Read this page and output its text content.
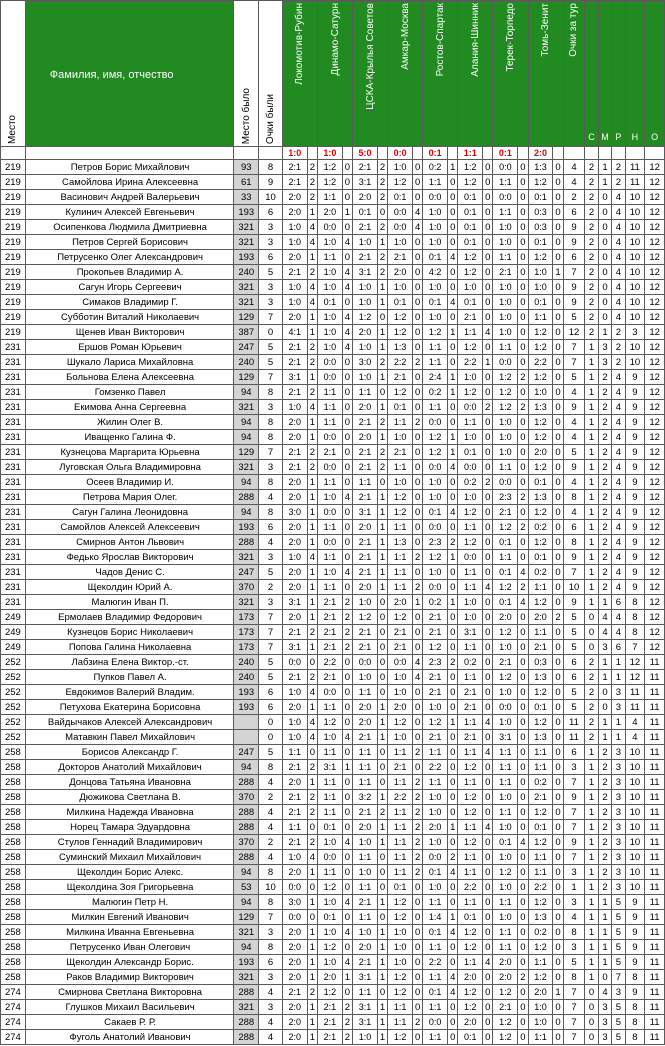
Место	Фамилия, имя, отчество	Место было	Очки были	Локомотив-Рубин		Динамо-Сатурн		ЦСКА-Крылья Советов		Амкар-Москва		Ростов-Спартак		Алания-Шинник		Терек-Торпедо		Томь-Зенит		Очки за тур	С	М	Р	Н	О

				1:0		1:0		5:0		0:0		0:1		1:1		0:1		2:0							
219	Петров Борис Михайлович	93	8	2:1	2	1:2	0	2:1	2	1:0	0	0:2	1	1:2	0	0:0	0	1:3	0	4	2	1	2	11	12
219	Самойлова Ирина Алексеевна	61	9	2:1	2	1:2	0	3:1	2	1:2	0	1:1	0	1:2	0	1:1	0	1:2	0	4	2	1	2	11	12
219	Васинович Андрей Валерьевич	33	10	2:0	2	1:1	0	2:0	2	0:1	0	0:0	0	0:1	0	0:0	0	0:1	0	2	2	0	4	10	12
219	Кулинич Алексей Евгеньевич	193	6	2:0	1	2:0	1	0:1	0	0:0	4	1:0	0	0:1	0	1:1	0	0:3	0	6	2	0	4	10	12
219	Осипенкова Людмила Дмитриевна	321	3	1:0	4	0:0	0	2:1	2	0:0	4	1:0	0	0:1	0	1:0	0	0:3	0	9	2	0	4	10	12
219	Петров Сергей Борисович	321	3	1:0	4	1:0	4	1:0	1	1:0	0	1:0	0	0:1	0	1:0	0	0:1	0	9	2	0	4	10	12
219	Петрусенко Олег Александрович	193	6	2:0	1	1:1	0	2:1	2	2:1	0	0:1	4	1:2	0	1:1	0	1:2	0	6	2	0	4	10	12
219	Прокопьев Владимир А.	240	5	2:1	2	1:0	4	3:1	2	2:0	0	4:2	0	1:2	0	2:1	0	1:0	1	7	2	0	4	10	12
219	Сагун Игорь Сергеевич	321	3	1:0	4	1:0	4	1:0	1	1:0	0	1:0	0	1:0	0	1:0	0	1:0	0	9	2	0	4	10	12
219	Симаков Владимир Г.	321	3	1:0	4	0:1	0	1:0	1	0:1	0	0:1	4	0:1	0	1:0	0	0:1	0	9	2	0	4	10	12
219	Субботин Виталий Николаевич	129	7	2:0	1	1:0	4	1:2	0	1:2	0	1:0	0	2:1	0	1:0	0	1:1	0	5	2	0	4	10	12
219	Щенев Иван Викторович	387	0	4:1	1	1:0	4	2:0	1	1:2	0	1:2	1	1:1	4	1:0	0	1:2	0	12	2	1	2	3	12
231	Ершов Роман Юрьевич	247	5	2:1	2	1:0	4	1:0	1	1:3	0	1:1	0	1:2	0	1:1	0	1:2	0	7	1	3	2	10	12
231	Шукало Лариса Михайловна	240	5	2:1	2	0:0	0	3:0	2	2:2	2	1:1	0	2:2	1	0:0	0	2:2	0	7	1	3	2	10	12
231	Больнова Елена Алексеевна	129	7	3:1	1	0:0	0	1:0	1	2:1	0	2:4	1	1:0	0	1:2	2	1:2	0	5	1	2	4	9	12
231	Гомзенко Павел	94	8	2:1	2	1:1	0	1:1	0	1:2	0	0:2	1	1:2	0	1:2	0	1:0	0	4	1	2	4	9	12
231	Екимова Анна Сергеевна	321	3	1:0	4	1:1	0	2:0	1	0:1	0	1:1	0	0:0	2	1:2	2	1:3	0	9	1	2	4	9	12
231	Жилин Олег В.	94	8	2:0	1	1:1	0	2:1	2	1:1	2	0:0	0	1:1	0	1:0	0	1:2	0	4	1	2	4	9	12
231	Иващенко Галина Ф.	94	8	2:0	1	0:0	0	2:0	1	1:0	0	1:2	1	1:0	0	1:0	0	1:2	0	4	1	2	4	9	12
231	Кузнецова Маргарита Юрьевна	129	7	2:1	2	2:1	0	2:1	2	2:1	0	1:2	1	0:1	0	1:0	0	2:0	0	5	1	2	4	9	12
231	Луговская Ольга Владимировна	321	3	2:1	2	0:0	0	2:1	2	1:1	0	0:0	4	0:0	0	1:1	0	1:2	0	9	1	2	4	9	12
231	Осеев Владимир И.	94	8	2:0	1	1:1	0	1:1	0	1:0	0	1:0	0	0:2	2	0:0	0	0:1	0	4	1	2	4	9	12
231	Петрова Мария Олег.	288	4	2:0	1	1:0	4	2:1	1	1:2	0	1:0	0	1:0	0	2:3	2	1:3	0	8	1	2	4	9	12
231	Сагун Галина Леонидовна	94	8	3:0	1	0:0	0	3:1	1	1:2	0	0:1	4	1:2	0	2:1	0	1:2	0	4	1	2	4	9	12
231	Самойлов Алексей Алексеевич	193	6	2:0	1	1:1	0	2:0	1	1:1	0	0:0	0	1:1	0	1:2	2	0:2	0	6	1	2	4	9	12
231	Смирнов Антон Львович	288	4	2:0	1	0:0	0	2:1	1	1:3	0	2:3	2	1:2	0	0:1	0	1:2	0	8	1	2	4	9	12
231	Федько Ярослав Викторович	321	3	1:0	4	1:1	0	2:1	1	1:1	2	1:2	1	0:0	0	1:1	0	0:1	0	9	1	2	4	9	12
231	Чадов Денис С.	247	5	2:0	1	1:0	4	2:1	1	1:1	0	1:0	0	1:1	0	0:1	4	0:2	0	7	1	2	4	9	12
231	Щеколдин Юрий А.	370	2	2:0	1	1:1	0	2:0	1	1:1	2	0:0	0	1:1	4	1:2	2	1:1	0	10	1	2	4	9	12
231	Малюгин Иван П.	321	3	3:1	1	2:1	2	1:0	0	2:0	1	0:2	1	1:0	0	0:1	4	1:2	0	9	1	1	6	8	12
249	Ермолаев Владимир Федорович	173	7	2:0	1	2:1	2	1:2	0	1:2	0	2:1	0	1:0	0	2:0	0	2:0	2	5	0	4	4	8	12
249	Кузнецов Борис Николаевич	173	7	2:1	2	2:1	2	2:1	0	2:1	0	2:1	0	3:1	0	1:2	0	1:1	0	5	0	4	4	8	12
249	Попова Галина Николаевна	173	7	3:1	1	2:1	2	2:1	0	2:1	0	1:2	0	1:1	0	1:0	0	2:1	0	5	0	3	6	7	12
252	Лабзина Елена Виктор.-ст.	240	5	0:0	0	2:2	0	0:0	0	0:0	4	2:3	2	0:2	0	2:1	0	0:3	0	6	2	1	1	12	11
252	Пупков Павел А.	240	5	2:1	2	2:1	0	1:0	0	1:0	4	2:1	0	1:1	0	1:2	0	1:3	0	6	2	1	1	12	11
252	Евдокимов Валерий Владим.	193	6	1:0	4	0:0	0	1:1	0	1:0	0	2:1	0	2:1	0	1:0	0	1:2	0	5	2	0	3	11	11
252	Петухова Екатерина Борисовна	193	6	2:0	1	1:1	0	2:0	1	2:0	0	1:0	0	2:1	0	0:0	0	0:1	0	5	2	0	3	11	11
252	Вайдычаков Алексей Александрович		0	1:0	4	1:2	0	2:0	1	1:2	0	1:2	1	1:1	4	1:0	0	1:2	0	11	2	1	1	4	11
252	Матавкин Павел Михайлович		0	1:0	4	1:0	4	2:1	1	1:0	0	2:1	0	2:1	0	3:1	0	1:3	0	11	2	1	1	4	11
258	Борисов Александр Г.	247	5	1:1	0	1:1	0	1:1	0	1:1	2	1:1	0	1:1	4	1:1	0	1:1	0	6	1	2	3	10	11
258	Докторов Анатолий Михайлович	94	8	2:1	2	3:1	1	1:1	0	2:1	0	2:2	0	1:2	0	1:1	0	1:1	0	3	1	2	3	10	11
258	Донцова Татьяна Ивановна	288	4	2:0	1	1:1	0	1:1	0	1:1	2	1:1	0	1:1	0	1:1	0	0:2	0	7	1	2	3	10	11
258	Дюжикова Светлана В.	370	2	2:1	2	1:1	0	3:2	1	2:2	2	1:0	0	1:2	0	1:0	0	2:1	0	9	1	2	3	10	11
258	Милкина Надежда Ивановна	288	4	2:1	2	1:1	0	2:1	2	1:1	2	1:0	0	1:2	0	1:1	0	1:2	0	7	1	2	3	10	11
258	Норец Тамара Эдуардовна	288	4	1:1	0	0:1	0	2:0	1	1:1	2	2:0	1	1:1	4	1:0	0	0:1	0	7	1	2	3	10	11
258	Стулов Геннадий Владимирович	370	2	2:1	2	1:0	4	1:0	1	1:1	2	1:0	0	1:2	0	0:1	4	1:2	0	9	1	2	3	10	11
258	Суминский Михаил Михайлович	288	4	1:0	4	0:0	0	1:1	0	1:1	2	0:0	2	1:1	0	1:0	0	1:1	0	7	1	2	3	10	11
258	Щеколдин Борис Алекс.	94	8	2:0	1	1:1	0	1:0	0	1:1	2	0:1	4	1:1	0	1:2	0	1:1	0	3	1	2	3	10	11
258	Щеколдина Зоя Григорьевна	53	10	0:0	0	1:2	0	1:1	0	0:1	0	1:0	0	2:2	0	1:0	0	2:2	0	1	1	2	3	10	11
258	Малюгин Петр Н.	94	8	3:0	1	1:0	4	2:1	1	1:2	0	1:1	0	1:1	0	1:1	0	1:2	0	3	1	1	5	9	11
258	Милкин Евгений Иванович	129	7	0:0	0	0:1	0	1:1	0	1:2	0	1:4	1	0:1	0	1:0	0	1:3	0	4	1	1	5	9	11
258	Милкина Иванна Евгеньевна	321	3	2:0	1	1:0	4	1:0	1	1:0	0	0:1	4	1:2	0	1:1	0	0:2	0	8	1	1	5	9	11
258	Петрусенко Иван Олегович	94	8	2:0	1	1:2	0	2:0	1	1:0	0	1:1	0	1:2	0	1:1	0	1:2	0	3	1	1	5	9	11
258	Щеколдин Александр Борис.	193	6	2:0	1	1:0	4	2:1	1	1:0	0	2:2	0	1:1	4	2:0	0	1:1	0	5	1	1	5	9	11
258	Раков Владимир Викторович	321	3	2:0	1	2:0	1	3:1	1	1:2	0	1:1	4	2:0	0	2:0	2	1:2	0	8	1	0	7	8	11
274	Смирнова Светлана Викторовна	288	4	2:1	2	1:2	0	1:1	0	1:2	0	0:1	4	1:2	0	1:2	0	2:0	1	7	0	4	3	9	11
274	Глушков Михаил Васильевич	321	3	2:0	1	2:1	2	3:1	1	1:1	0	1:1	0	1:2	0	2:1	0	1:0	0	7	0	3	5	8	11
274	Сакаев Р. Р.	288	4	2:0	1	2:1	2	3:1	1	1:1	2	0:0	0	2:0	0	1:2	0	1:0	0	7	0	3	5	8	11
274	Фуголь Анатолий Иванович	288	4	2:0	1	2:1	2	1:0	1	1:2	0	1:1	0	0:1	0	1:2	0	1:1	0	7	0	3	5	8	11
